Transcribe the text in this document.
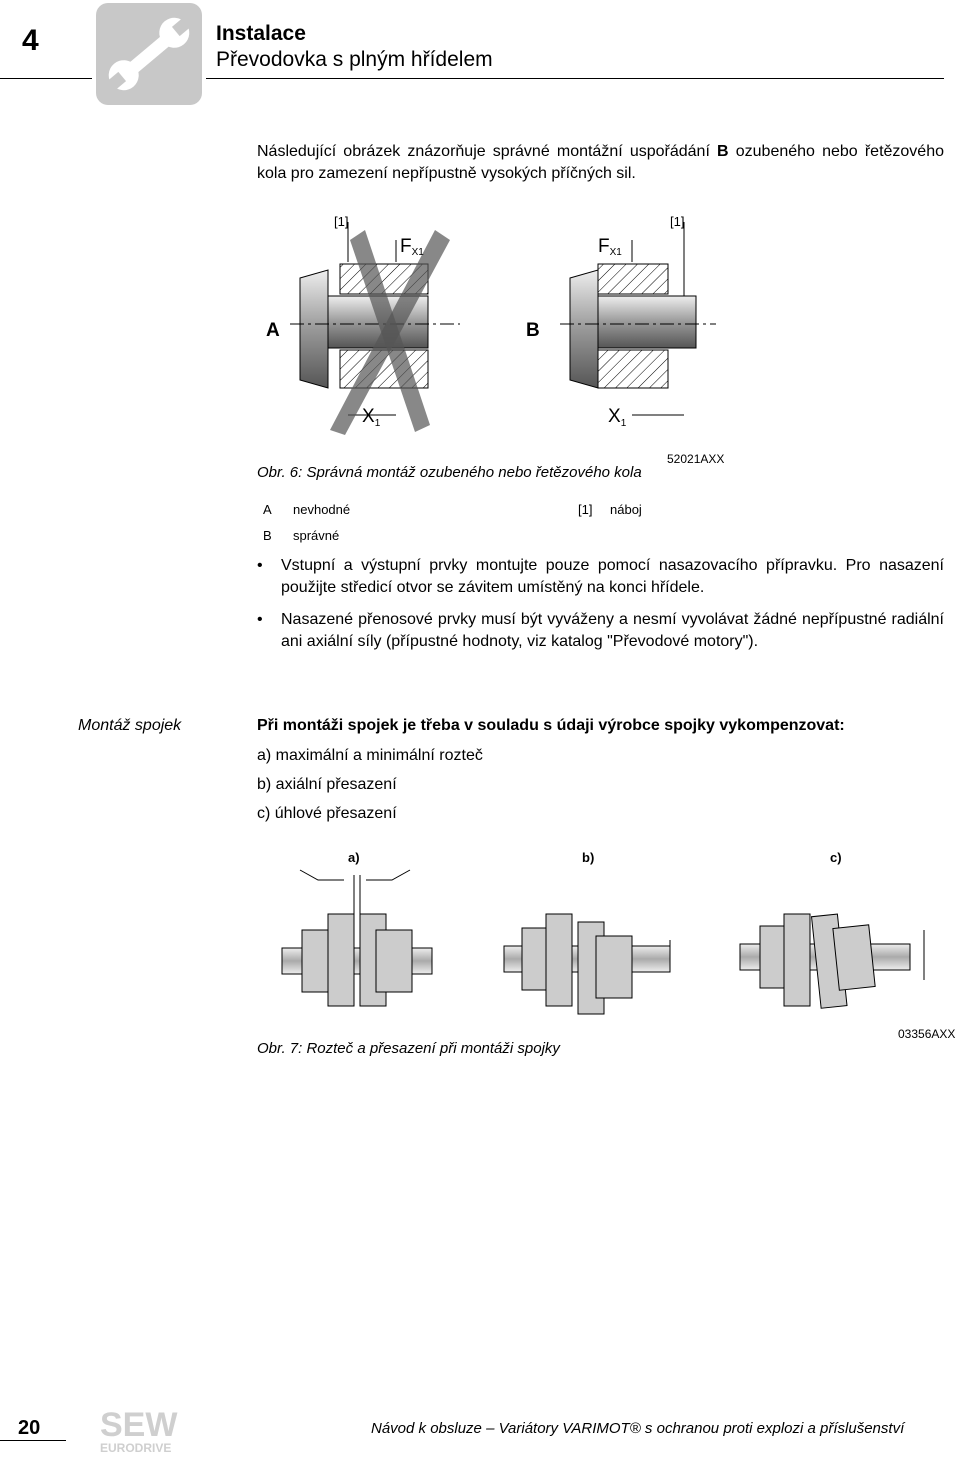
4	Instalace
Převodovka s plným hřídelem
Následující obrázek znázorňuje správné montážní uspořádání B ozubeného nebo řetězového kola pro zamezení nepřípustně vysokých příčných sil.
A	B
[1]	[1]
FX1	FX1
$X_1$	$X_1$
52021AXX
Obr. 6: Správná montáž ozubeného nebo řetězového kola
A nevhodné
B správné
[1] náboj
• Vstupní a výstupní prvky montujte pouze pomocí nasazovacího přípravku. Pro nasazení použijte středicí otvor se závitem umístěný na konci hřídele.
• Nasazené přenosové prvky musí být vyváženy a nesmí vyvolávat žádné nepřípustné radiální ani axiální síly (přípustné hodnoty, viz katalog "Převodové motory").
Montáž spojek	Při montáži spojek je třeba v souladu s údaji výrobce spojky vykompenzovat:
a) maximální a minimální rozteč
b) axiální přesazení
c) úhlové přesazení
a)	b)	c)
03356AXX
Obr. 7: Rozteč a přesazení při montáži spojky
20 SEW
EURODRIVE
Návod k obsluze – Variátory VARIMOT® s ochranou proti explozi a příslušenství
